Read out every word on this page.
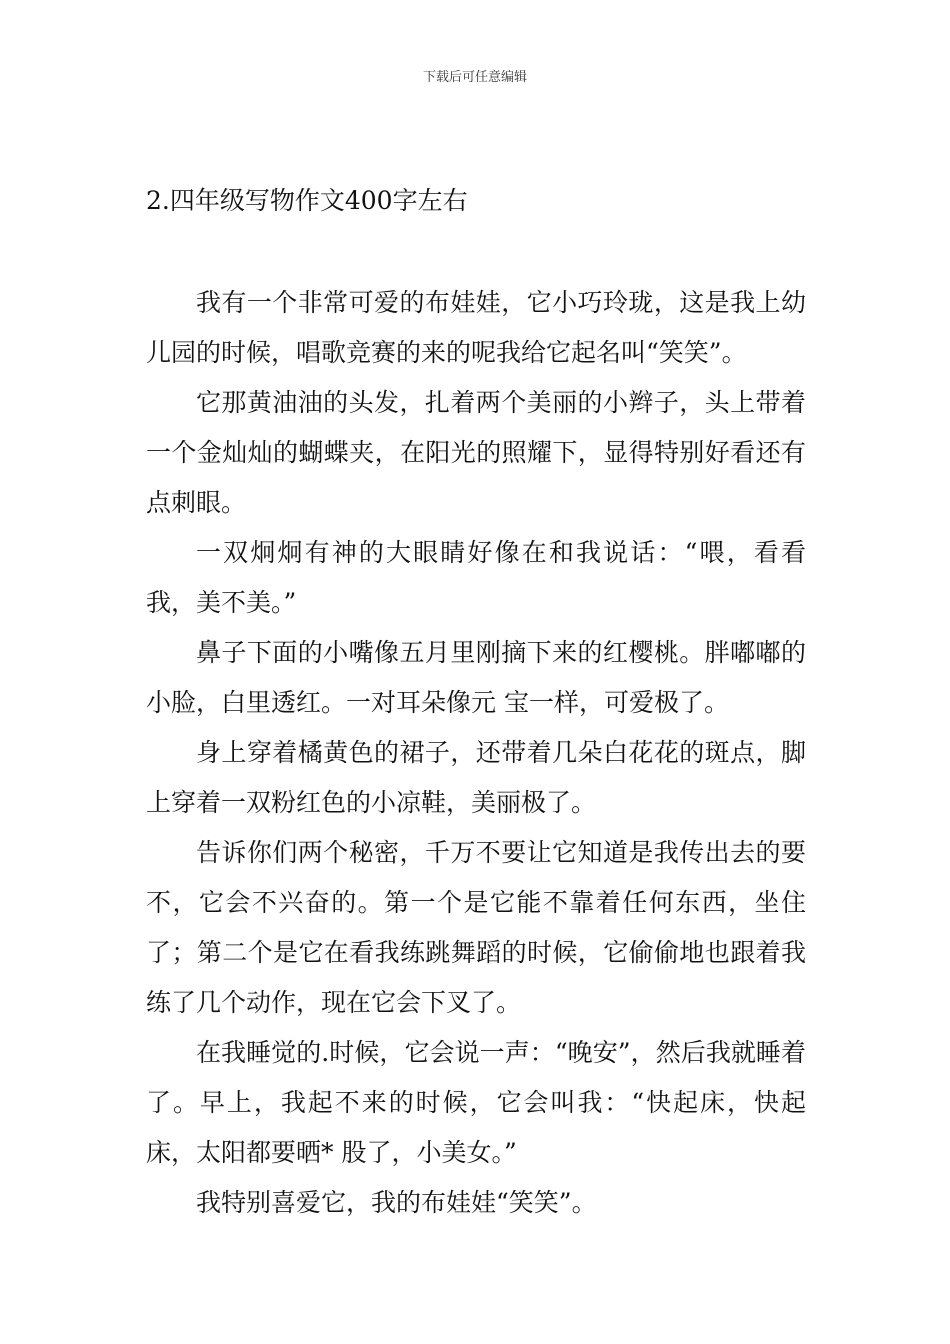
下载后可任意编辑
2.四年级写物作文400字左右

我有一个非常可爱的布娃娃，它小巧玲珑，这是我上幼儿园的时候，唱歌竞赛的来的呢我给它起名叫“笑笑”。

它那黄油油的头发，扎着两个美丽的小辫子，头上带着一个金灿灿的蝴蝶夹，在阳光的照耀下，显得特别好看还有点刺眼。

一双炯炯有神的大眼睛好像在和我说话：“喂，看看我，美不美。”

鼻子下面的小嘴像五月里刚摘下来的红樱桃。胖嘟嘟的小脸，白里透红。一对耳朵像元 宝一样，可爱极了。

身上穿着橘黄色的裙子，还带着几朵白花花的斑点，脚上穿着一双粉红色的小凉鞋，美丽极了。

告诉你们两个秘密，千万不要让它知道是我传出去的要不，它会不兴奋的。第一个是它能不靠着任何东西，坐住了；第二个是它在看我练跳舞蹈的时候，它偷偷地也跟着我练了几个动作，现在它会下叉了。

在我睡觉的.时候，它会说一声：“晚安”，然后我就睡着了。早上，我起不来的时候，它会叫我：“快起床，快起床，太阳都要晒* 股了，小美女。”

我特别喜爱它，我的布娃娃“笑笑”。
